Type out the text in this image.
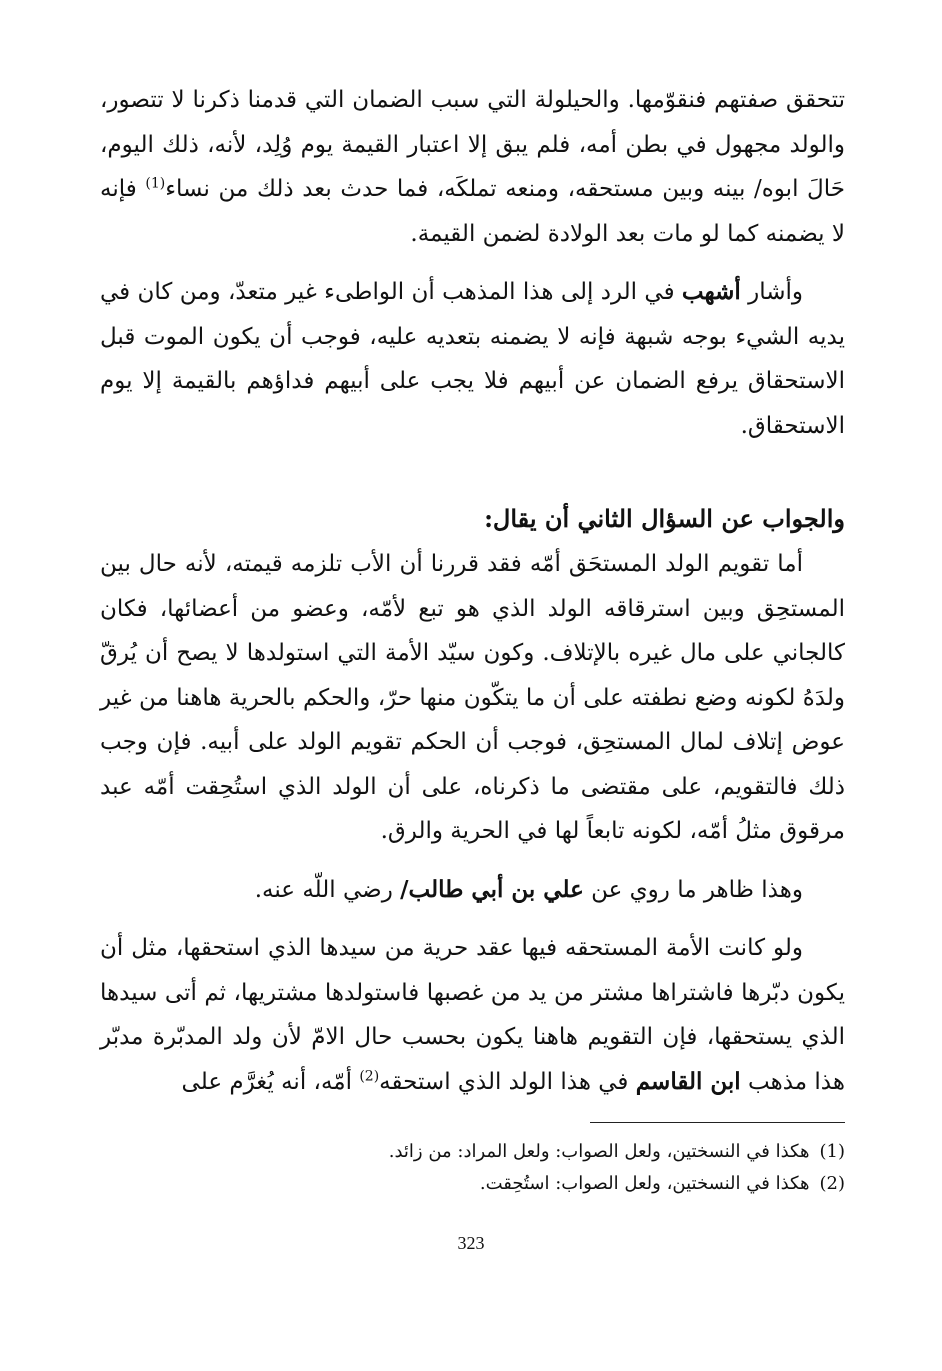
تتحقق صفتهم فنقوّمها. والحيلولة التي سبب الضمان التي قدمنا ذكرنا لا تتصور، والولد مجهول في بطن أمه، فلم يبق إلا اعتبار القيمة يوم وُلِد، لأنه، ذلك اليوم، حَالَ ابوه/ بينه وبين مستحقه، ومنعه تملكَه، فما حدث بعد ذلك من نساء$^{(1)}$ فإنه لا يضمنه كما لو مات بعد الولادة لضمن القيمة.

وأشار أشهب في الرد إلى هذا المذهب أن الواطىء غير متعدّ، ومن كان في يديه الشيء بوجه شبهة فإنه لا يضمنه بتعديه عليه، فوجب أن يكون الموت قبل الاستحقاق يرفع الضمان عن أبيهم فلا يجب على أبيهم فداؤهم بالقيمة إلا يوم الاستحقاق.

والجواب عن السؤال الثاني أن يقال:

أما تقويم الولد المستحَق أمّه فقد قررنا أن الأب تلزمه قيمته، لأنه حال بين المستحِق وبين استرقاقه الولد الذي هو تبع لأمّه، وعضو من أعضائها، فكان كالجاني على مال غيره بالإتلاف. وكون سيّد الأمة التي استولدها لا يصح أن يُرقّ ولدَهُ لكونه وضع نطفته على أن ما يتكّون منها حرّ، والحكم بالحرية هاهنا من غير عوض إتلاف لمال المستحِق، فوجب أن الحكم تقويم الولد على أبيه. فإن وجب ذلك فالتقويم، على مقتضى ما ذكرناه، على أن الولد الذي استُحِقت أمّه عبد مرقوق مثلُ أمّه، لكونه تابعاً لها في الحرية والرق.

وهذا ظاهر ما روي عن علي بن أبي طالب/ رضي اللّه عنه.

ولو كانت الأمة المستحقه فيها عقد حرية من سيدها الذي استحقها، مثل أن يكون دبّرها فاشتراها مشتر من يد من غصبها فاستولدها مشتريها، ثم أتى سيدها الذي يستحقها، فإن التقويم هاهنا يكون بحسب حال الامّ لأن ولد المدبّرة مدبّر هذا مذهب ابن القاسم في هذا الولد الذي استحقه$^{(2)}$ أمّه، أنه يُغرَّم على

(1)هكذا في النسختين، ولعل الصواب: ولعل المراد: من زائد.

(2)هكذا في النسختين، ولعل الصواب: استُحِقت.

323
